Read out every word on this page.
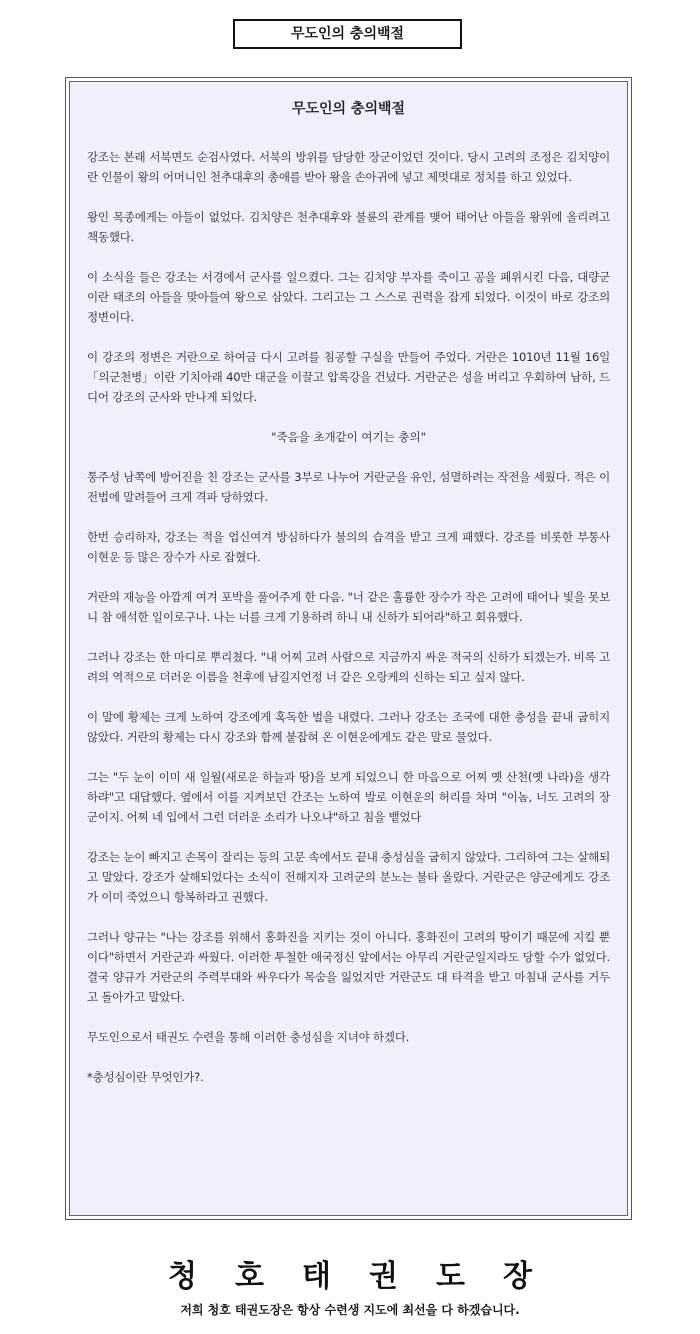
무도인의 충의백절
무도인의 충의백절

강조는 본래 서북면도 순검사였다. 서북의 방위를 담당한 장군이었던 것이다. 당시 고려의 조정은 김치양이란 인물이 왕의 어머니인 천추대후의 총애를 받아 왕을 손아귀에 넣고 제멋대로 정치를 하고 있었다.

왕인 목종에게는 아들이 없었다. 김치양은 천추대후와 불륜의 관계를 맺어 태어난 아들을 왕위에 올리려고 책동했다.

이 소식을 들은 강조는 서경에서 군사를 일으켰다. 그는 김치양 부자를 죽이고 공을 폐위시킨 다음, 대량군이란 태조의 아들을 맞아들여 왕으로 삼았다. 그리고는 그 스스로 권력을 잡게 되었다. 이것이 바로 강조의 정변이다.

이 강조의 정변은 거란으로 하여금 다시 고려를 침공할 구실을 만들어 주었다. 거란은 1010년 11월 16일「의군천병」이란 기치아래 40만 대군을 이끌고 압록강을 건넜다. 거란군은 성을 버리고 우회하여 남하, 드디어 강조의 군사와 만나게 되었다.

"죽음을 초개같이 여기는 충의"

통주성 남쪽에 방어진을 친 강조는 군사를 3부로 나누어 거란군을 유인, 섬멸하려는 작전을 세웠다. 적은 이 전법에 말려들어 크게 격파 당하였다.

한번 승리하자, 강조는 적을 업신여겨 방심하다가 불의의 습격을 받고 크게 패했다. 강조를 비롯한 부통사 이현운 등 많은 장수가 사로 잡혔다.

거란의 재능을 아깝게 여겨 포박을 풀어주게 한 다음. "너 같은 훌륭한 장수가 작은 고려에 태어나 빛을 못보니 참 애석한 일이로구나. 나는 너를 크게 기용하려 하니 내 신하가 되어라"하고 회유했다.

그러나 강조는 한 마디로 뿌리쳤다. "내 어찌 고려 사람으로 지금까지 싸운 적국의 신하가 되겠는가. 비록 고려의 역적으로 더러운 이름을 천후에 남길지언정 너 같은 오랑케의 신하는 되고 싶지 않다.

이 말에 황제는 크게 노하여 강조에게 혹독한 벌을 내렸다. 그러나 강조는 조국에 대한 충성을 끝내 굽히지 않았다. 거란의 황제는 다시 강조와 함께 붙잡혀 온 이현운에게도 같은 말로 물었다.

그는 "두 눈이 이미 새 일월(새로운 하늘과 땅)을 보게 되었으니 한 마음으로 어찌 옛 산천(옛 나라)을 생각하랴"고 대답했다. 옆에서 이를 지켜보던 간조는 노하여 발로 이현운의 허리를 차며 "이놈, 너도 고려의 장군이지. 어찌 네 입에서 그런 더러운 소리가 나오냐"하고 침을 뱉었다

강조는 눈이 빠지고 손목이 잘리는 등의 고문 속에서도 끝내 충성심을 굽히지 않았다. 그리하여 그는 살해되고 말았다. 강조가 살해되었다는 소식이 전해지자 고려군의 분노는 불타 올랐다. 거란군은 양군에게도 강조가 이미 죽었으니 항복하라고 권했다.

그러나 양규는 "나는 강조를 위해서 홍화진을 지키는 것이 아니다. 홍화진이 고려의 땅이기 때문에 지킬 뿐이다"하면서 거란군과 싸웠다. 이러한 투철한 애국정신 앞에서는 아무리 거란군일지라도 당할 수가 없었다. 결국 양규가 거란군의 주력부대와 싸우다가 목숨을 잃었지만 거란군도 대 타격을 받고 마침내 군사를 거두고 돌아가고 말았다.

무도인으로서 태권도 수련을 통해 이러한 충성심을 지녀야 하겠다.

*충성심이란 무엇인가?.

청호태권도장
저희 청호 태권도장은 항상 수련생 지도에 최선을 다 하겠습니다.
